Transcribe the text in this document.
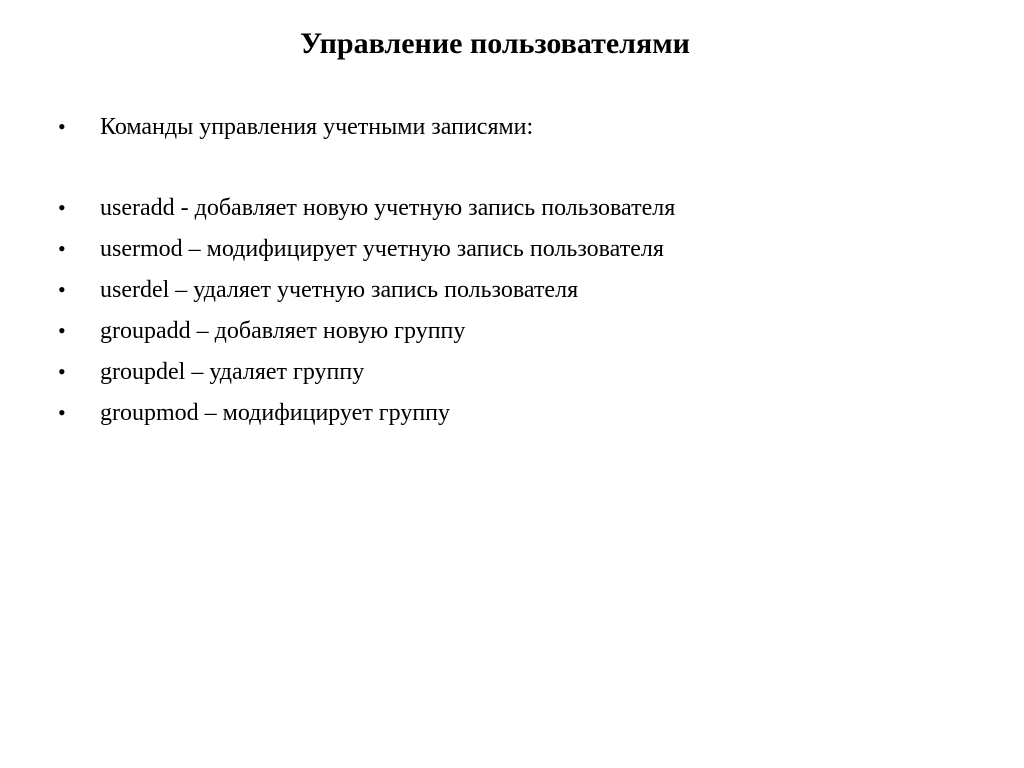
Управление пользователями
•	Команды управления учетными записями:
•	useradd - добавляет новую учетную запись пользователя
•	usermod – модифицирует учетную запись пользователя
•	userdel – удаляет учетную запись пользователя
•	groupadd – добавляет новую группу
•	groupdel – удаляет группу
•	groupmod – модифицирует группу
